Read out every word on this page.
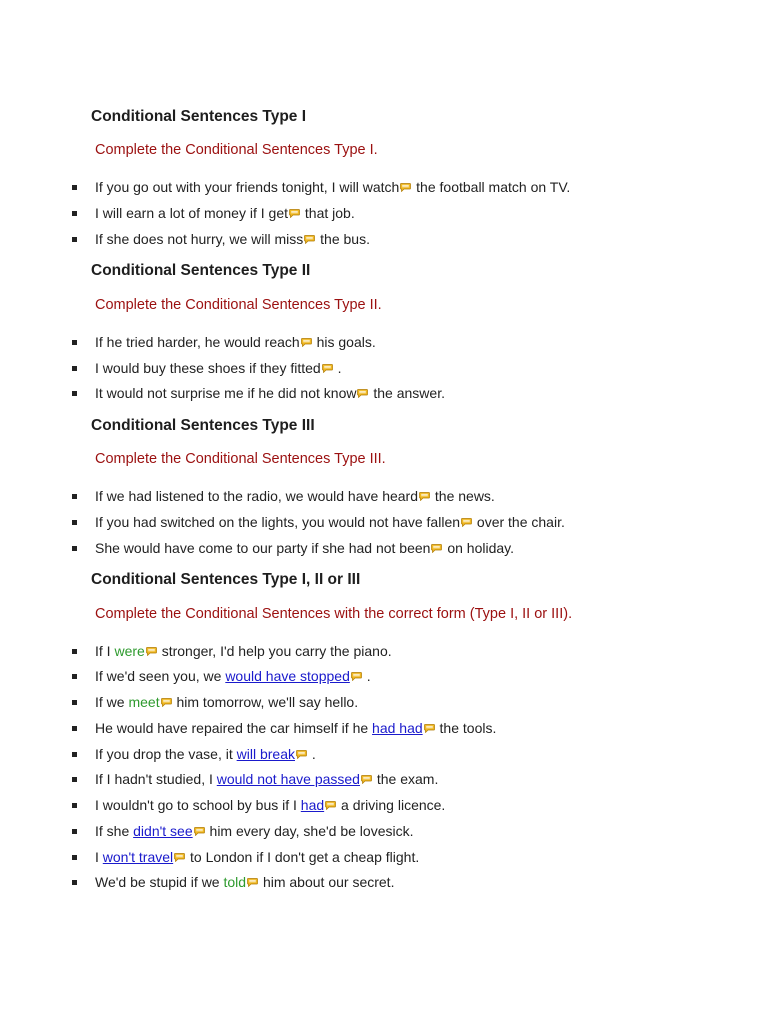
Conditional Sentences Type I
Complete the Conditional Sentences Type I.
If you go out with your friends tonight, I will watch the football match on TV.
I will earn a lot of money if I get that job.
If she does not hurry, we will miss the bus.
Conditional Sentences Type II
Complete the Conditional Sentences Type II.
If he tried harder, he would reach his goals.
I would buy these shoes if they fitted .
It would not surprise me if he did not know the answer.
Conditional Sentences Type III
Complete the Conditional Sentences Type III.
If we had listened to the radio, we would have heard the news.
If you had switched on the lights, you would not have fallen over the chair.
She would have come to our party if she had not been on holiday.
Conditional Sentences Type I, II or III
Complete the Conditional Sentences with the correct form (Type I, II or III).
If I were stronger, I'd help you carry the piano.
If we'd seen you, we would have stopped .
If we meet him tomorrow, we'll say hello.
He would have repaired the car himself if he had had the tools.
If you drop the vase, it will break .
If I hadn't studied, I would not have passed the exam.
I wouldn't go to school by bus if I had a driving licence.
If she didn't see him every day, she'd be lovesick.
I won't travel to London if I don't get a cheap flight.
We'd be stupid if we told him about our secret.
